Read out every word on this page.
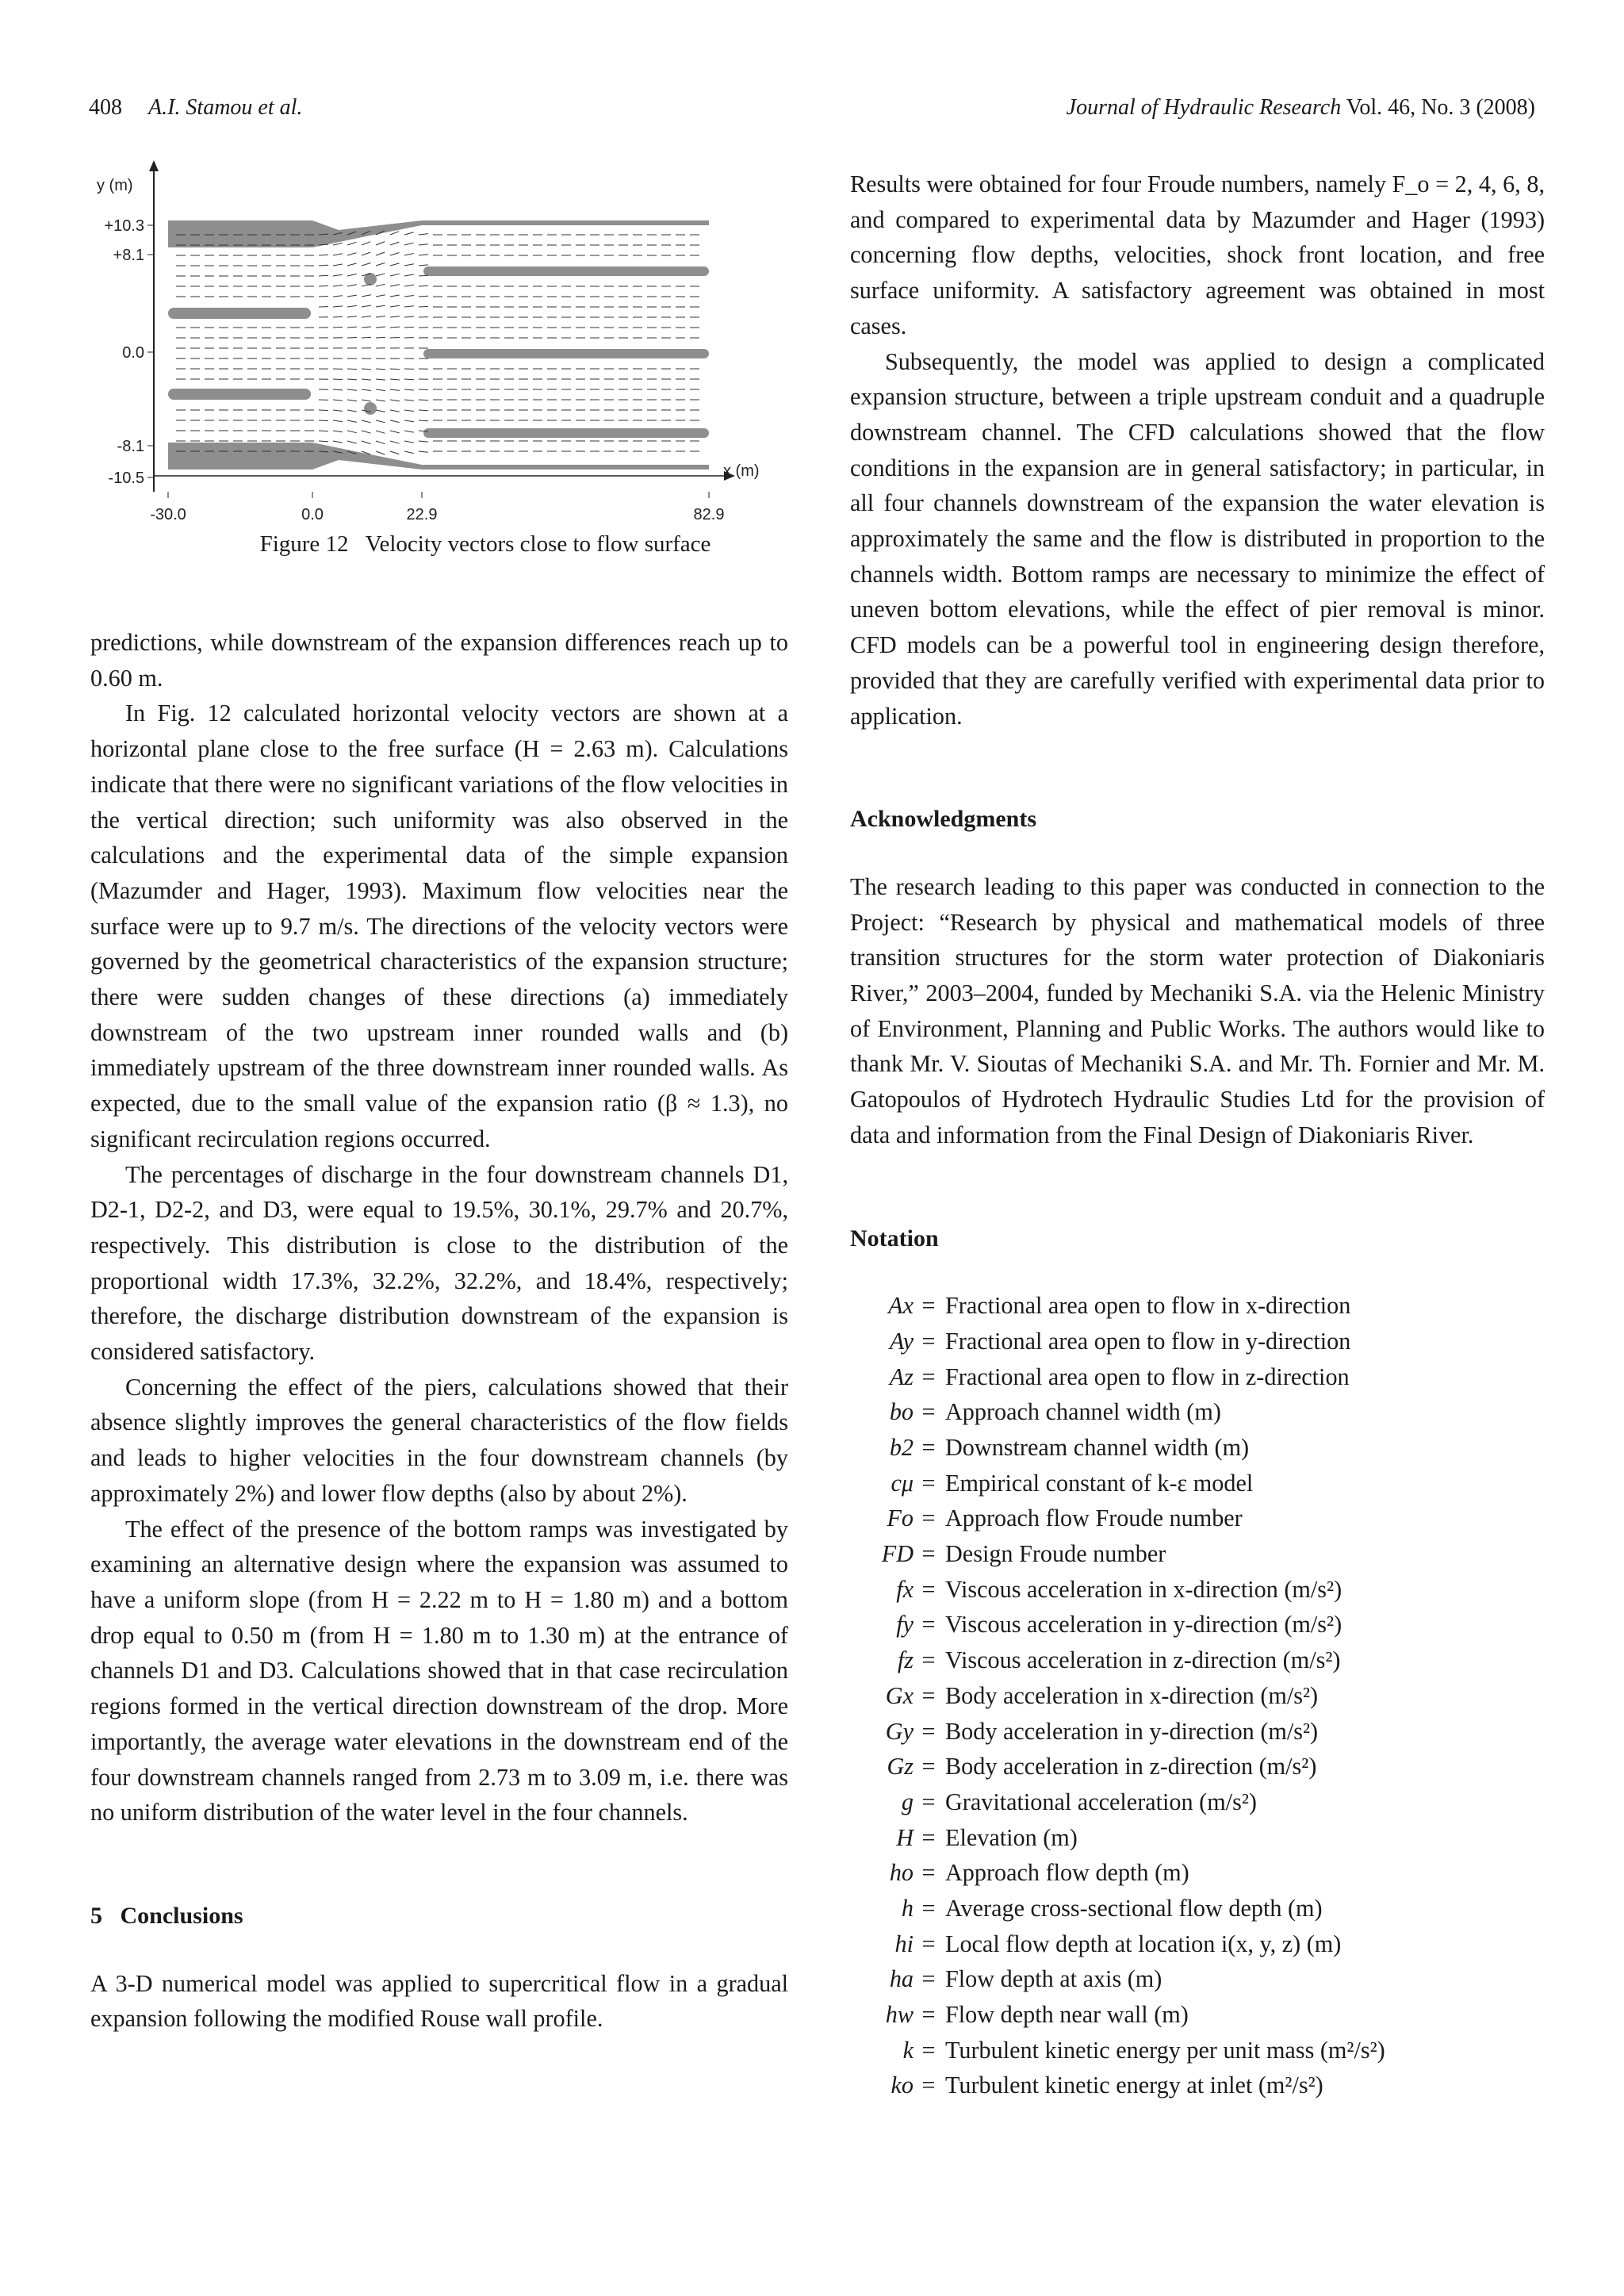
408 A.I. Stamou et al.	Journal of Hydraulic Research Vol. 46, No. 3 (2008)
y (m)
x (m)
+10.3
+8.1
0.0
-8.1
-10.5
-30.0	0.0	22.9	82.9
Figure 12 Velocity vectors close to flow surface

predictions, while downstream of the expansion differences reach up to 0.60 m.

In Fig. 12 calculated horizontal velocity vectors are shown at a horizontal plane close to the free surface (H = 2.63 m). Calculations indicate that there were no significant variations of the flow velocities in the vertical direction; such uniformity was also observed in the calculations and the experimental data of the simple expansion (Mazumder and Hager, 1993). Maximum flow velocities near the surface were up to 9.7 m/s. The directions of the velocity vectors were governed by the geometrical characteristics of the expansion structure; there were sudden changes of these directions (a) immediately downstream of the two upstream inner rounded walls and (b) immediately upstream of the three downstream inner rounded walls. As expected, due to the small value of the expansion ratio (β ≈ 1.3), no significant recirculation regions occurred.

The percentages of discharge in the four downstream channels D1, D2-1, D2-2, and D3, were equal to 19.5%, 30.1%, 29.7% and 20.7%, respectively. This distribution is close to the distribution of the proportional width 17.3%, 32.2%, 32.2%, and 18.4%, respectively; therefore, the discharge distribution downstream of the expansion is considered satisfactory.

Concerning the effect of the piers, calculations showed that their absence slightly improves the general characteristics of the flow fields and leads to higher velocities in the four downstream channels (by approximately 2%) and lower flow depths (also by about 2%).

The effect of the presence of the bottom ramps was investigated by examining an alternative design where the expansion was assumed to have a uniform slope (from H = 2.22 m to H = 1.80 m) and a bottom drop equal to 0.50 m (from H = 1.80 m to 1.30 m) at the entrance of channels D1 and D3. Calculations showed that in that case recirculation regions formed in the vertical direction downstream of the drop. More importantly, the average water elevations in the downstream end of the four downstream channels ranged from 2.73 m to 3.09 m, i.e. there was no uniform distribution of the water level in the four channels.

5   Conclusions

A 3-D numerical model was applied to supercritical flow in a gradual expansion following the modified Rouse wall profile.

Results were obtained for four Froude numbers, namely F_o = 2, 4, 6, 8, and compared to experimental data by Mazumder and Hager (1993) concerning flow depths, velocities, shock front location, and free surface uniformity. A satisfactory agreement was obtained in most cases.

Subsequently, the model was applied to design a complicated expansion structure, between a triple upstream conduit and a quadruple downstream channel. The CFD calculations showed that the flow conditions in the expansion are in general satisfactory; in particular, in all four channels downstream of the expansion the water elevation is approximately the same and the flow is distributed in proportion to the channels width. Bottom ramps are necessary to minimize the effect of uneven bottom elevations, while the effect of pier removal is minor. CFD models can be a powerful tool in engineering design therefore, provided that they are carefully verified with experimental data prior to application.

Acknowledgments

The research leading to this paper was conducted in connection to the Project: “Research by physical and mathematical models of three transition structures for the storm water protection of Diakoniaris River,” 2003–2004, funded by Mechaniki S.A. via the Helenic Ministry of Environment, Planning and Public Works. The authors would like to thank Mr. V. Sioutas of Mechaniki S.A. and Mr. Th. Fornier and Mr. M. Gatopoulos of Hydrotech Hydraulic Studies Ltd for the provision of data and information from the Final Design of Diakoniaris River.

Notation

Ax = Fractional area open to flow in x-direction
Ay = Fractional area open to flow in y-direction
Az = Fractional area open to flow in z-direction
bo = Approach channel width (m)
b2 = Downstream channel width (m)
cμ = Empirical constant of k-ε model
Fo = Approach flow Froude number
FD = Design Froude number
fx = Viscous acceleration in x-direction (m/s²)
fy = Viscous acceleration in y-direction (m/s²)
fz = Viscous acceleration in z-direction (m/s²)
Gx = Body acceleration in x-direction (m/s²)
Gy = Body acceleration in y-direction (m/s²)
Gz = Body acceleration in z-direction (m/s²)
g = Gravitational acceleration (m/s²)
H = Elevation (m)
ho = Approach flow depth (m)
h = Average cross-sectional flow depth (m)
hi = Local flow depth at location i(x, y, z) (m)
ha = Flow depth at axis (m)
hw = Flow depth near wall (m)
k = Turbulent kinetic energy per unit mass (m²/s²)
ko = Turbulent kinetic energy at inlet (m²/s²)
